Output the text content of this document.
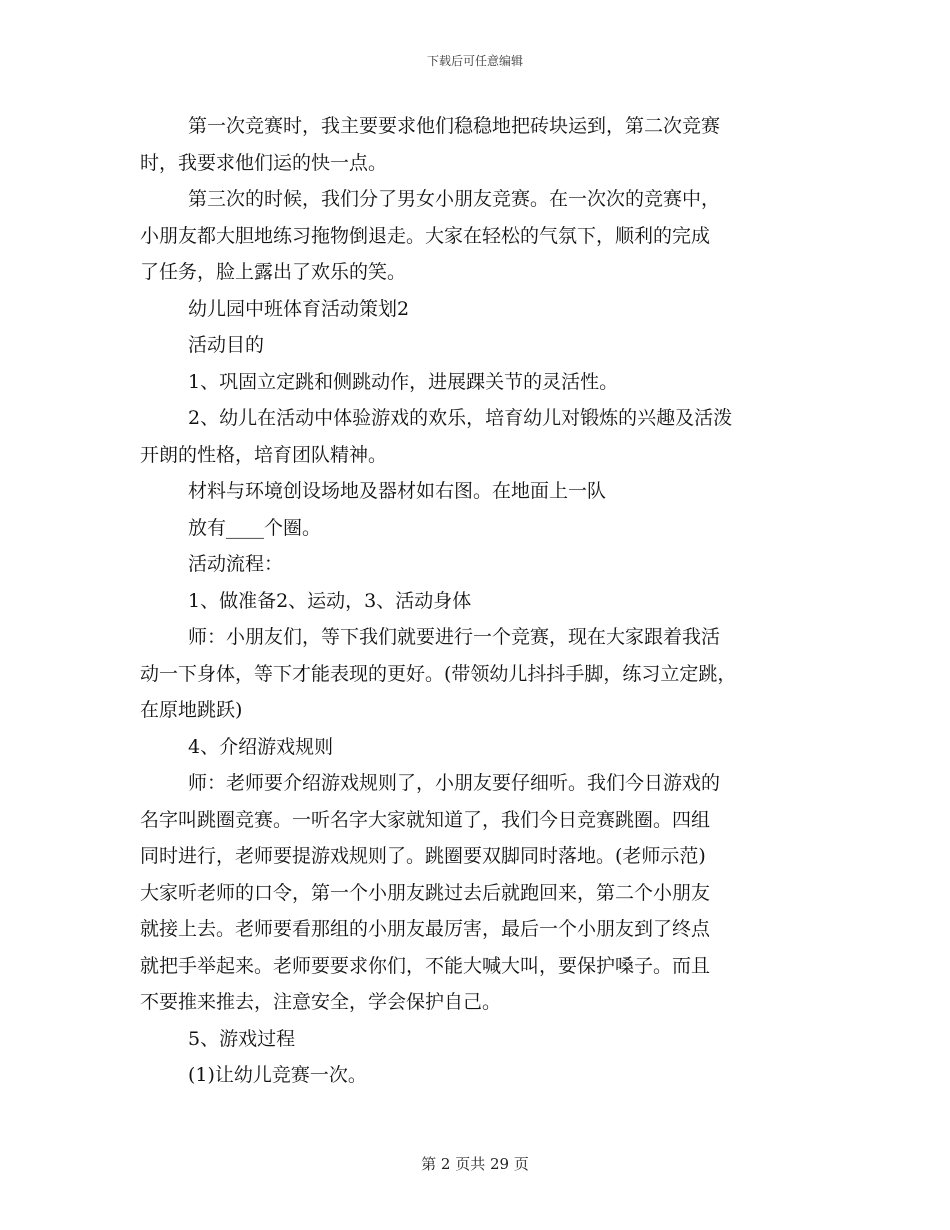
下载后可任意编辑

第一次竞赛时，我主要要求他们稳稳地把砖块运到，第二次竞赛
时，我要求他们运的快一点。

第三次的时候，我们分了男女小朋友竞赛。在一次次的竞赛中，
小朋友都大胆地练习拖物倒退走。大家在轻松的气氛下，顺利的完成
了任务，脸上露出了欢乐的笑。

幼儿园中班体育活动策划2

活动目的

1、巩固立定跳和侧跳动作，进展踝关节的灵活性。

2、幼儿在活动中体验游戏的欢乐，培育幼儿对锻炼的兴趣及活泼
开朗的性格，培育团队精神。

材料与环境创设场地及器材如右图。在地面上一队

放有____个圈。

活动流程：

1、做准备2、运动，3、活动身体

师：小朋友们，等下我们就要进行一个竞赛，现在大家跟着我活
动一下身体，等下才能表现的更好。(带领幼儿抖抖手脚，练习立定跳，
在原地跳跃)

4、介绍游戏规则

师：老师要介绍游戏规则了，小朋友要仔细听。我们今日游戏的
名字叫跳圈竞赛。一听名字大家就知道了，我们今日竞赛跳圈。四组
同时进行，老师要提游戏规则了。跳圈要双脚同时落地。(老师示范)
大家听老师的口令，第一个小朋友跳过去后就跑回来，第二个小朋友
就接上去。老师要看那组的小朋友最厉害，最后一个小朋友到了终点
就把手举起来。老师要要求你们，不能大喊大叫，要保护嗓子。而且
不要推来推去，注意安全，学会保护自己。

5、游戏过程

(1)让幼儿竞赛一次。

第 2 页共 29 页
